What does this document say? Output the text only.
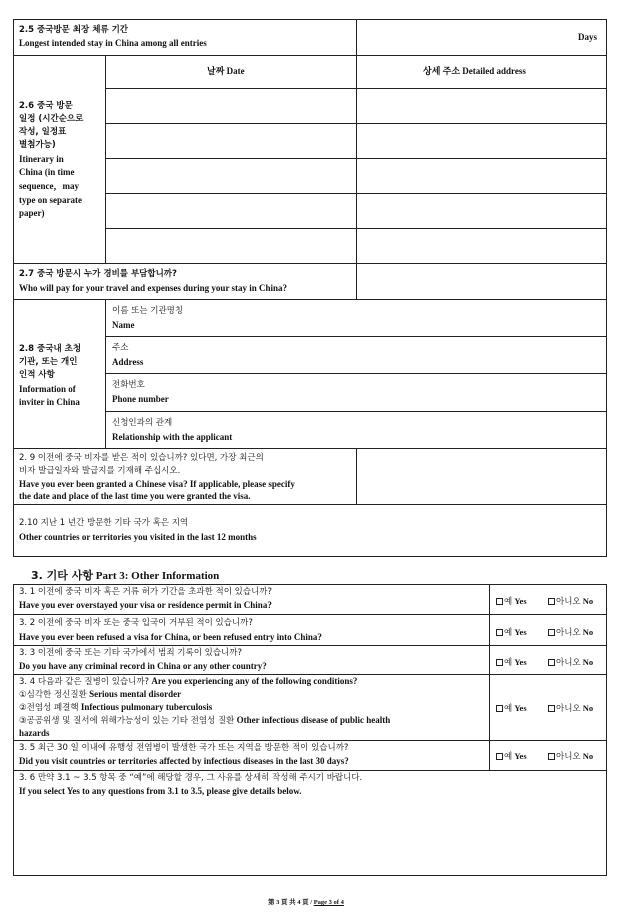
2.5 중국방문 최장 체류 기간
Longest intended stay in China among all entries
Days
2.6 중국 방문
일정 (시간순으로
작성, 일정표
별첨가능)
Itinerary in
China (in time
sequence，may
type on separate
paper)
날짜 Date	상세 주소 Detailed address
2.7 중국 방문시 누가 경비를 부담합니까?
Who will pay for your travel and expenses during your stay in China?
2.8 중국내 초청
기관, 또는 개인
인적 사항
Information of
inviter in China
이름 또는 기관명칭
Name
주소
Address
전화번호
Phone number
신청인과의 관계
Relationship with the applicant
2. 9 이전에 중국 비자를 받은 적이 있습니까? 있다면, 가장 최근의
비자 발급일자와 발급지를 기재해 주십시오.
Have you ever been granted a Chinese visa? If applicable, please specify
the date and place of the last time you were granted the visa.
2.10 지난 1 년간 방문한 기타 국가 혹은 지역
Other countries or territories you visited in the last 12 months
3. 기타 사항 Part 3: Other Information
3. 1 이전에 중국 비자 혹은 거류 허가 기간을 초과한 적이 있습니까?
Have you ever overstayed your visa or residence permit in China?	예 Yes	아니오 No
3. 2 이전에 중국 비자 또는 중국 입국이 거부된 적이 있습니까?
Have you ever been refused a visa for China, or been refused entry into China?	예 Yes	아니오 No
3. 3 이전에 중국 또는 기타 국가에서 범죄 기록이 있습니까?
Do you have any criminal record in China or any other country?	예 Yes	아니오 No
3. 4 다음과 같은 질병이 있습니까? Are you experiencing any of the following conditions?
①심각한 정신질환 Serious mental disorder
②전염성 폐결핵 Infectious pulmonary tuberculosis
③공공위생 및 질서에 위해가능성이 있는 기타 전염성 질환 Other infectious disease of public health
hazards
예 Yes	아니오 No
3. 5 최근 30 일 이내에 유행성 전염병이 발생한 국가 또는 지역을 방문한 적이 있습니까?
Did you visit countries or territories affected by infectious diseases in the last 30 days?	예 Yes	아니오 No
3. 6 만약 3.1 ~ 3.5 항목 중 “예”에 해당할 경우, 그 사유를 상세히 작성해 주시기 바랍니다.
If you select Yes to any questions from 3.1 to 3.5, please give details below.
第 3 頁 共 4 頁 / Page 3 of 4
